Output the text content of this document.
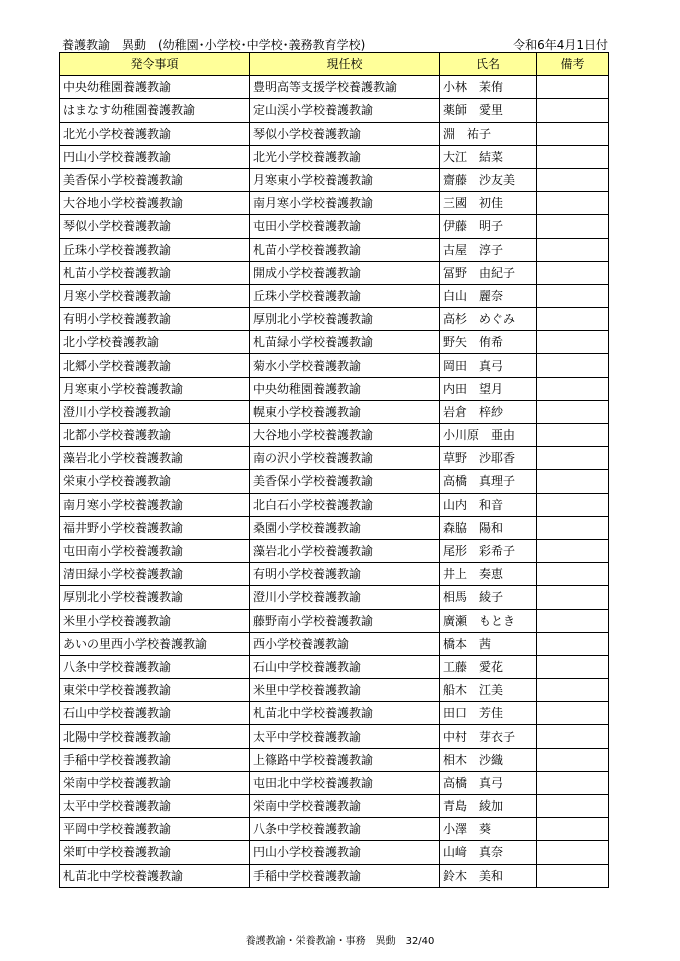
養護教諭　異動　(幼稚園･小学校･中学校･義務教育学校)	令和6年4月1日付
発令事項	現任校	氏名	備考
中央幼稚園養護教諭	豊明高等支援学校養護教諭	小林　茉侑	
はまなす幼稚園養護教諭	定山渓小学校養護教諭	薬師　愛里	
北光小学校養護教諭	琴似小学校養護教諭	淵　祐子	
円山小学校養護教諭	北光小学校養護教諭	大江　結菜	
美香保小学校養護教諭	月寒東小学校養護教諭	齋藤　沙友美	
大谷地小学校養護教諭	南月寒小学校養護教諭	三國　初佳	
琴似小学校養護教諭	屯田小学校養護教諭	伊藤　明子	
丘珠小学校養護教諭	札苗小学校養護教諭	古屋　淳子	
札苗小学校養護教諭	開成小学校養護教諭	冨野　由紀子	
月寒小学校養護教諭	丘珠小学校養護教諭	白山　麗奈	
有明小学校養護教諭	厚別北小学校養護教諭	高杉　めぐみ	
北小学校養護教諭	札苗緑小学校養護教諭	野矢　侑希	
北郷小学校養護教諭	菊水小学校養護教諭	岡田　真弓	
月寒東小学校養護教諭	中央幼稚園養護教諭	内田　望月	
澄川小学校養護教諭	幌東小学校養護教諭	岩倉　梓紗	
北都小学校養護教諭	大谷地小学校養護教諭	小川原　亜由	
藻岩北小学校養護教諭	南の沢小学校養護教諭	草野　沙耶香	
栄東小学校養護教諭	美香保小学校養護教諭	高橋　真理子	
南月寒小学校養護教諭	北白石小学校養護教諭	山内　和音	
福井野小学校養護教諭	桑園小学校養護教諭	森脇　陽和	
屯田南小学校養護教諭	藻岩北小学校養護教諭	尾形　彩希子	
清田緑小学校養護教諭	有明小学校養護教諭	井上　奏恵	
厚別北小学校養護教諭	澄川小学校養護教諭	相馬　綾子	
米里小学校養護教諭	藤野南小学校養護教諭	廣瀬　もとき	
あいの里西小学校養護教諭	西小学校養護教諭	橋本　茜	
八条中学校養護教諭	石山中学校養護教諭	工藤　愛花	
東栄中学校養護教諭	米里中学校養護教諭	船木　江美	
石山中学校養護教諭	札苗北中学校養護教諭	田口　芳佳	
北陽中学校養護教諭	太平中学校養護教諭	中村　芽衣子	
手稲中学校養護教諭	上篠路中学校養護教諭	相木　沙織	
栄南中学校養護教諭	屯田北中学校養護教諭	高橋　真弓	
太平中学校養護教諭	栄南中学校養護教諭	青島　綾加	
平岡中学校養護教諭	八条中学校養護教諭	小澤　葵	
栄町中学校養護教諭	円山小学校養護教諭	山﨑　真奈	
札苗北中学校養護教諭	手稲中学校養護教諭	鈴木　美和	
養護教諭・栄養教諭・事務　異動　32/40
